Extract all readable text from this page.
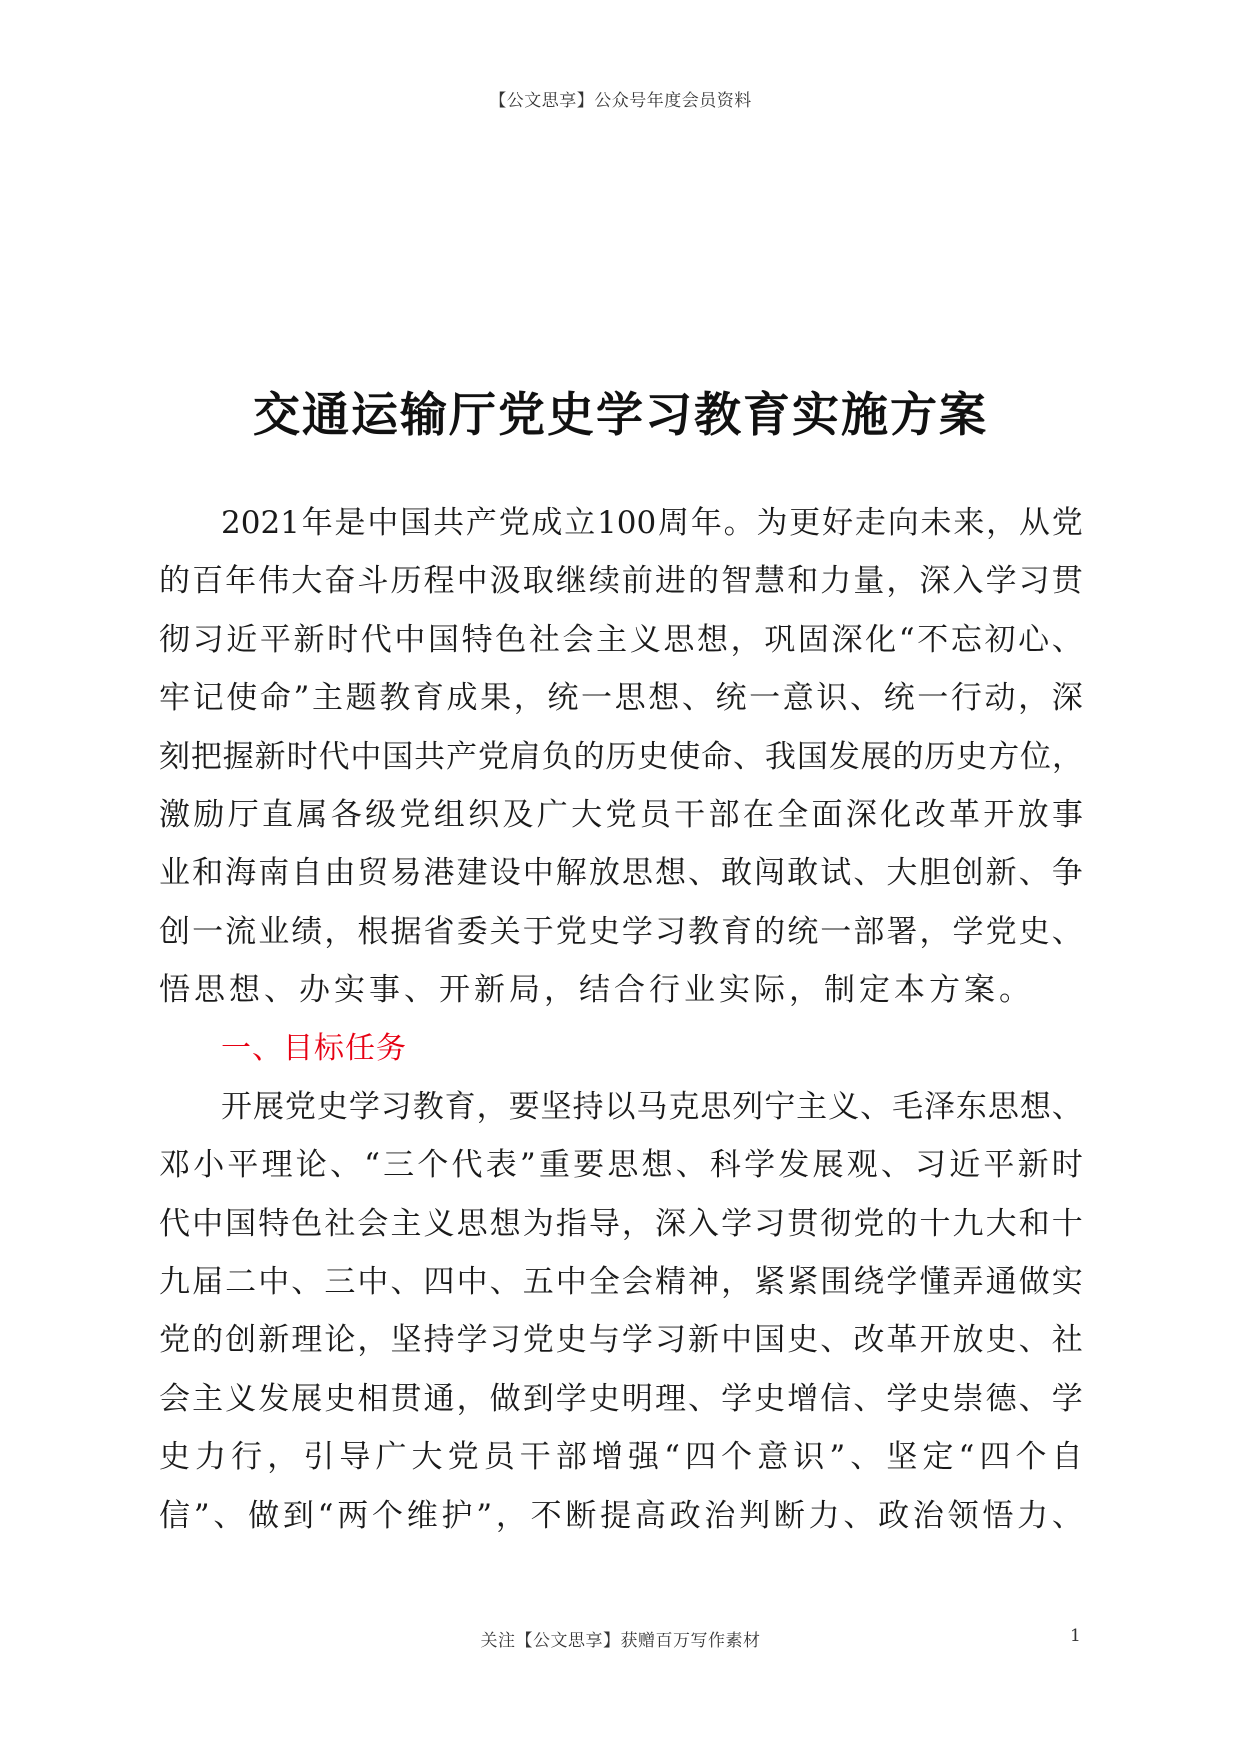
【公文思享】公众号年度会员资料
交通运输厅党史学习教育实施方案
2021 年 是 中 国 共 产 党 成 立 100 周 年 。 为 更 好 走 向 未 来 ， 从 党
的 百 年 伟 大 奋 斗 历 程 中 汲 取 继 续 前 进 的 智 慧 和 力 量 ， 深 入 学 习 贯
彻 习 近 平 新 时 代 中 国 特 色 社 会 主 义 思 想 ， 巩 固 深 化 “ 不 忘 初 心 、
牢 记 使 命 ” 主 题 教 育 成 果 ， 统 一 思 想 、 统 一 意 识 、 统 一 行 动 ， 深
刻 把 握 新 时 代 中 国 共 产 党 肩 负 的 历 史 使 命 、 我 国 发 展 的 历 史 方 位 ，
激 励 厅 直 属 各 级 党 组 织 及 广 大 党 员 干 部 在 全 面 深 化 改 革 开 放 事
业 和 海 南 自 由 贸 易 港 建 设 中 解 放 思 想 、 敢 闯 敢 试 、 大 胆 创 新 、 争
创 一 流 业 绩 ， 根 据 省 委 关 于 党 史 学 习 教 育 的 统 一 部 署 ， 学 党 史 、
悟思想、办实事、开新局，结合行业实际，制定本方案。
一、目标任务
开 展 党 史 学 习 教 育 ， 要 坚 持 以 马 克 思 列 宁 主 义 、 毛 泽 东 思 想 、
邓 小 平 理 论 、 “ 三 个 代 表 ” 重 要 思 想 、 科 学 发 展 观 、 习 近 平 新 时
代 中 国 特 色 社 会 主 义 思 想 为 指 导 ， 深 入 学 习 贯 彻 党 的 十 九 大 和 十
九 届 二 中 、 三 中 、 四 中 、 五 中 全 会 精 神 ， 紧 紧 围 绕 学 懂 弄 通 做 实
党 的 创 新 理 论 ， 坚 持 学 习 党 史 与 学 习 新 中 国 史 、 改 革 开 放 史 、 社
会 主 义 发 展 史 相 贯 通 ， 做 到 学 史 明 理 、 学 史 增 信 、 学 史 崇 德 、 学
史 力 行 ， 引 导 广 大 党 员 干 部 增 强 “ 四 个 意 识 ” 、 坚 定 “ 四 个 自
信 ” 、 做 到 “ 两 个 维 护 ” ， 不 断 提 高 政 治 判 断 力 、 政 治 领 悟 力 、
关注【公文思享】获赠百万写作素材	1
